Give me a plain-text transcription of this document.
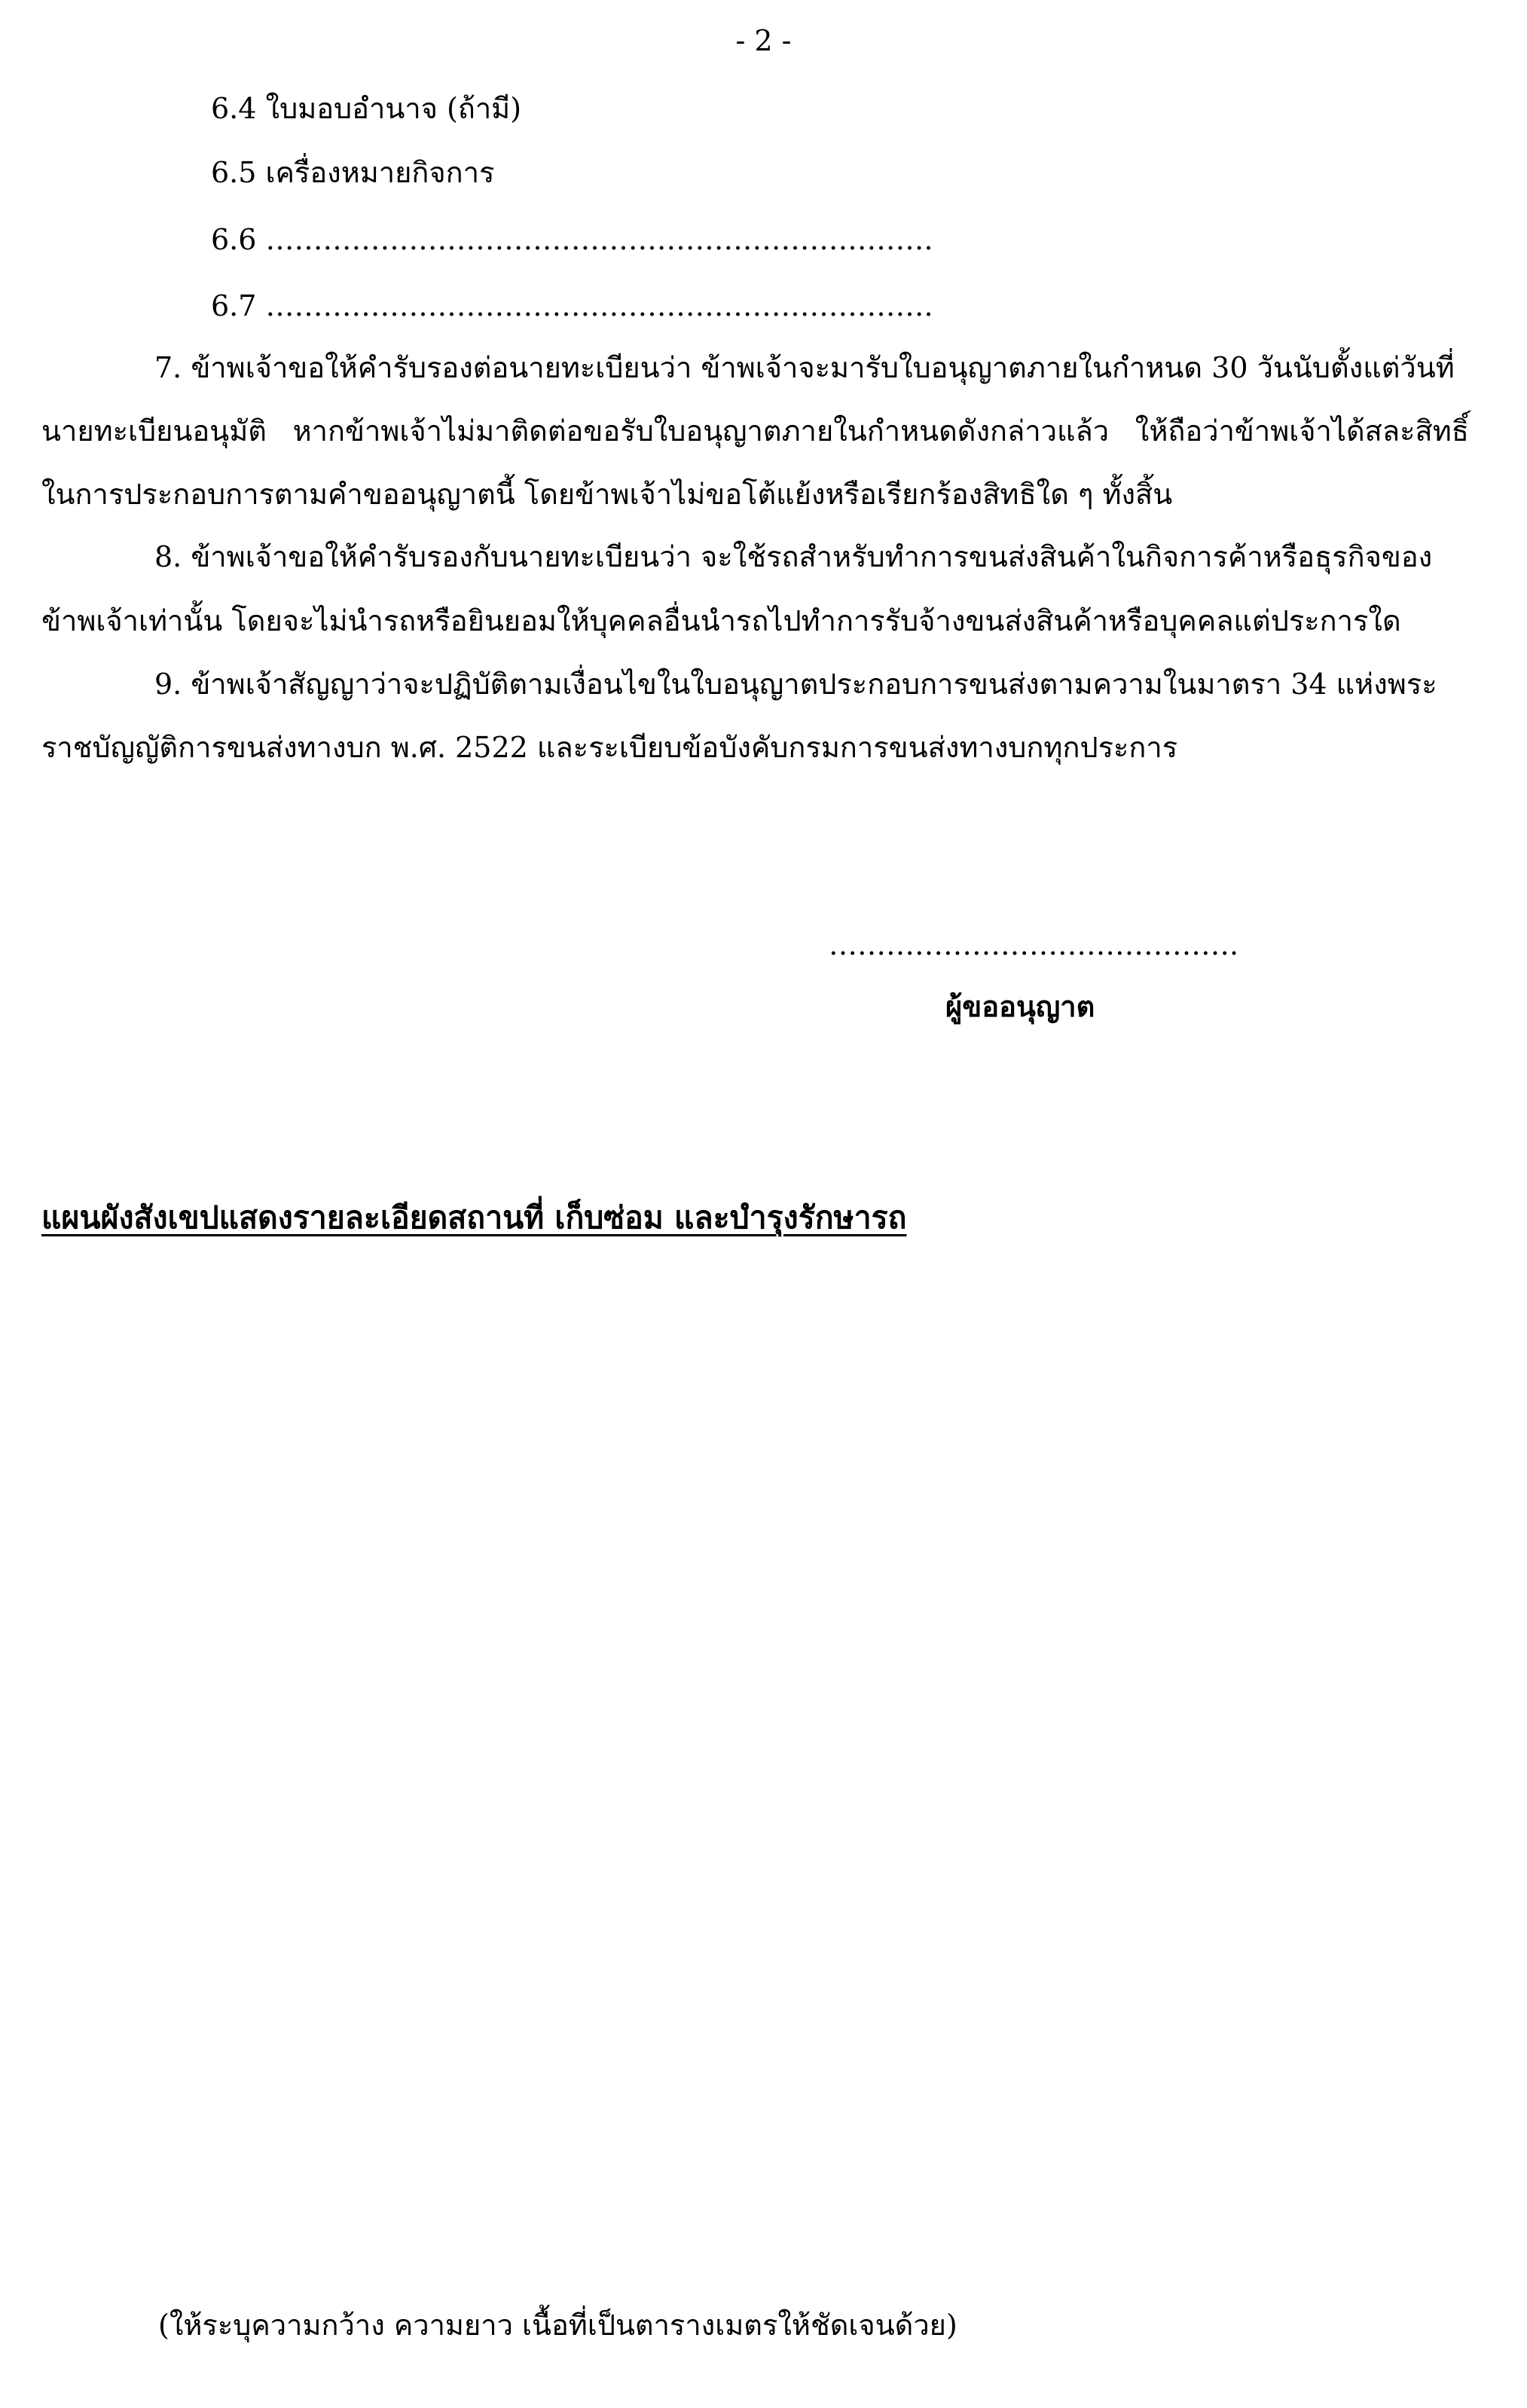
- 2 -
6.4 ใบมอบอำนาจ (ถ้ามี)
6.5 เครื่องหมายกิจการ
6.6 …………………………………………………………….
6.7 …………………………………………………………….
7. ข้าพเจ้าขอให้คำรับรองต่อนายทะเบียนว่า ข้าพเจ้าจะมารับใบอนุญาตภายในกำหนด 30 วันนับตั้งแต่วันที่
นายทะเบียนอนุมัติ หากข้าพเจ้าไม่มาติดต่อขอรับใบอนุญาตภายในกำหนดดังกล่าวแล้ว ให้ถือว่าข้าพเจ้าได้สละสิทธิ์
ในการประกอบการตามคำขออนุญาตนี้ โดยข้าพเจ้าไม่ขอโต้แย้งหรือเรียกร้องสิทธิใด ๆ ทั้งสิ้น
8. ข้าพเจ้าขอให้คำรับรองกับนายทะเบียนว่า จะใช้รถสำหรับทำการขนส่งสินค้าในกิจการค้าหรือธุรกิจของ
ข้าพเจ้าเท่านั้น โดยจะไม่นำรถหรือยินยอมให้บุคคลอื่นนำรถไปทำการรับจ้างขนส่งสินค้าหรือบุคคลแต่ประการใด
9. ข้าพเจ้าสัญญาว่าจะปฏิบัติตามเงื่อนไขในใบอนุญาตประกอบการขนส่งตามความในมาตรา 34 แห่งพระ
ราชบัญญัติการขนส่งทางบก พ.ศ. 2522 และระเบียบข้อบังคับกรมการขนส่งทางบกทุกประการ
…………………………………….
ผู้ขออนุญาต
แผนผังสังเขปแสดงรายละเอียดสถานที่ เก็บซ่อม และบำรุงรักษารถ
(ให้ระบุความกว้าง ความยาว เนื้อที่เป็นตารางเมตรให้ชัดเจนด้วย)
